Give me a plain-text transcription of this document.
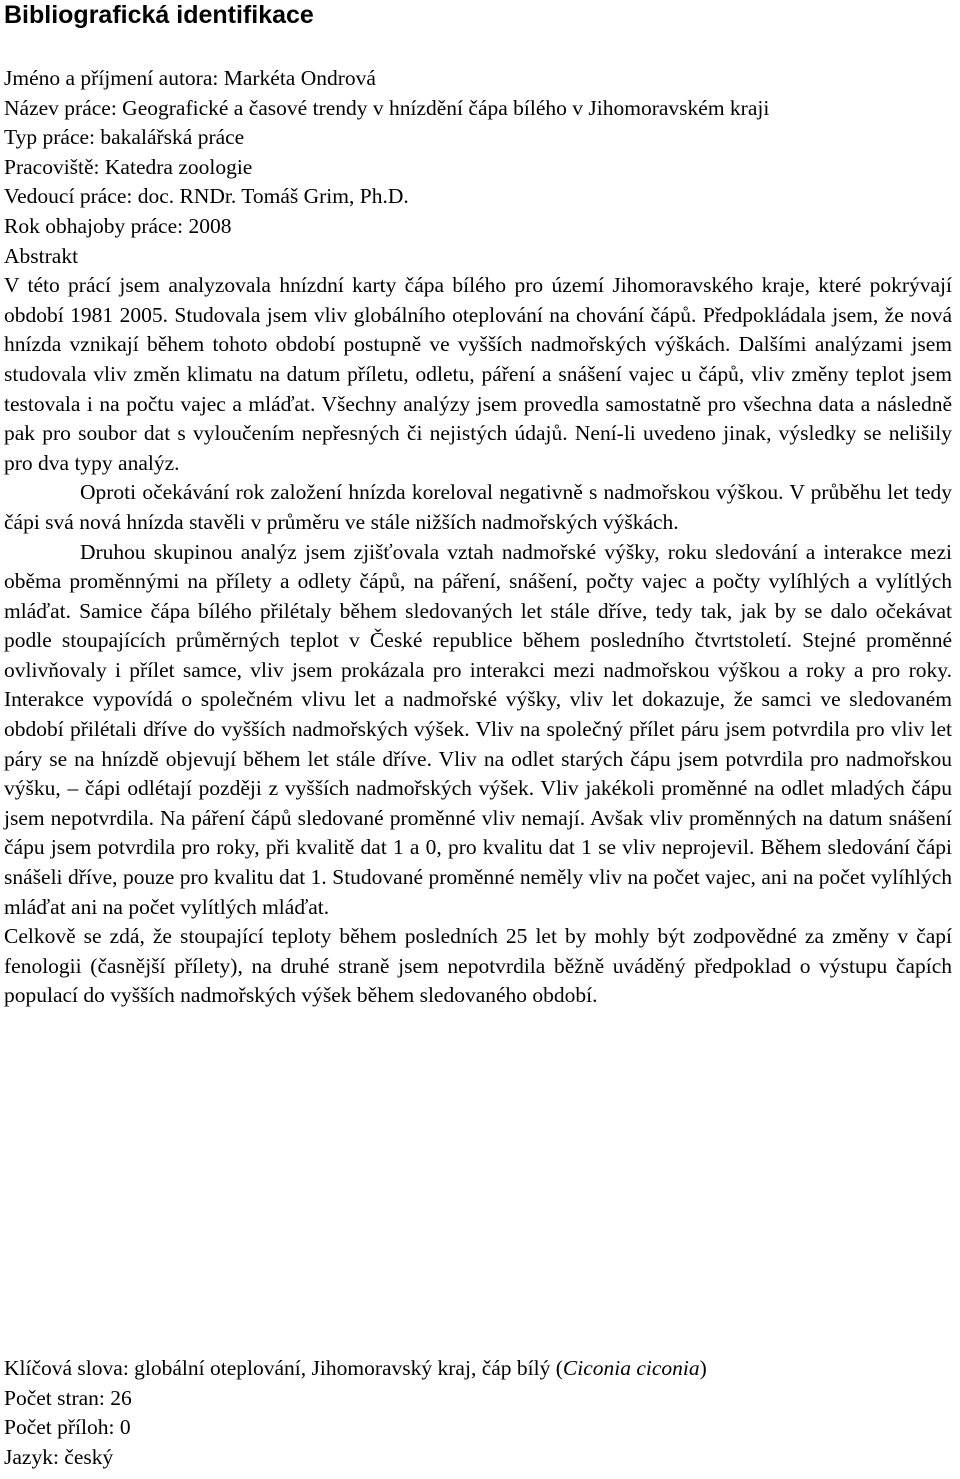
Bibliografická identifikace
Jméno a příjmení autora: Markéta Ondrová
Název práce: Geografické a časové trendy v hnízdění čápa bílého v Jihomoravském kraji
Typ práce: bakalářská práce
Pracoviště: Katedra zoologie
Vedoucí práce: doc. RNDr. Tomáš Grim, Ph.D.
Rok obhajoby práce: 2008
Abstrakt

V této prácí jsem analyzovala hnízdní karty čápa bílého pro území Jihomoravského kraje, které pokrývají období 1981 2005. Studovala jsem vliv globálního oteplování na chování čápů. Předpokládala jsem, že nová hnízda vznikají během tohoto období postupně ve vyšších nadmořských výškách. Dalšími analýzami jsem studovala vliv změn klimatu na datum příletu, odletu, páření a snášení vajec u čápů, vliv změny teplot jsem testovala i na počtu vajec a mláďat. Všechny analýzy jsem provedla samostatně pro všechna data a následně pak pro soubor dat s vyloučením nepřesných či nejistých údajů. Není-li uvedeno jinak, výsledky se nelišily pro dva typy analýz.

Oproti očekávání rok založení hnízda koreloval negativně s nadmořskou výškou. V průběhu let tedy čápi svá nová hnízda stavěli v průměru ve stále nižších nadmořských výškách.

Druhou skupinou analýz jsem zjišťovala vztah nadmořské výšky, roku sledování a interakce mezi oběma proměnnými na přílety a odlety čápů, na páření, snášení, počty vajec a počty vylíhlých a vylítlých mláďat. Samice čápa bílého přilétaly během sledovaných let stále dříve, tedy tak, jak by se dalo očekávat podle stoupajících průměrných teplot v České republice během posledního čtvrtstoletí. Stejné proměnné ovlivňovaly i přílet samce, vliv jsem prokázala pro interakci mezi nadmořskou výškou a roky a pro roky. Interakce vypovídá o společném vlivu let a nadmořské výšky, vliv let dokazuje, že samci ve sledovaném období přilétali dříve do vyšších nadmořských výšek. Vliv na společný přílet páru jsem potvrdila pro vliv let páry se na hnízdě objevují během let stále dříve. Vliv na odlet starých čápu jsem potvrdila pro nadmořskou výšku, – čápi odlétají později z vyšších nadmořských výšek. Vliv jakékoli proměnné na odlet mladých čápu jsem nepotvrdila. Na páření čápů sledované proměnné vliv nemají. Avšak vliv proměnných na datum snášení čápu jsem potvrdila pro roky, při kvalitě dat 1 a 0, pro kvalitu dat 1 se vliv neprojevil. Během sledování čápi snášeli dříve, pouze pro kvalitu dat 1. Studované proměnné neměly vliv na počet vajec, ani na počet vylíhlých mláďat ani na počet vylítlých mláďat.

Celkově se zdá, že stoupající teploty během posledních 25 let by mohly být zodpovědné za změny v čapí fenologii (časnější přílety), na druhé straně jsem nepotvrdila běžně uváděný předpoklad o výstupu čapích populací do vyšších nadmořských výšek během sledovaného období.

Klíčová slova: globální oteplování, Jihomoravský kraj, čáp bílý (Ciconia ciconia)
Počet stran: 26
Počet příloh: 0
Jazyk: český
